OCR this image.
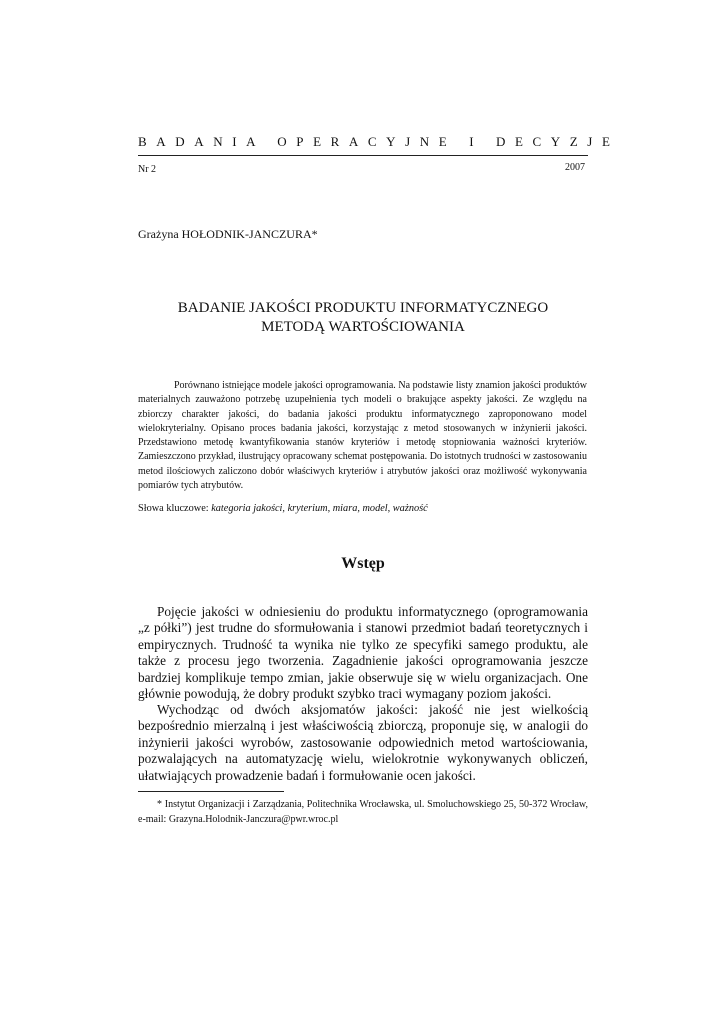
BADANIA OPERACYJNE I DECYZJE
Nr 2	2007
Grażyna HOŁODNIK-JANCZURA*
BADANIE JAKOŚCI PRODUKTU INFORMATYCZNEGO
METODĄ WARTOŚCIOWANIA

Porównano istniejące modele jakości oprogramowania. Na podstawie listy znamion jakości produktów materialnych zauważono potrzebę uzupełnienia tych modeli o brakujące aspekty jakości. Ze względu na zbiorczy charakter jakości, do badania jakości produktu informatycznego zaproponowano model wielokryterialny. Opisano proces badania jakości, korzystając z metod stosowanych w inżynierii jakości. Przedstawiono metodę kwantyfikowania stanów kryteriów i metodę stopniowania ważności kryteriów. Zamieszczono przykład, ilustrujący opracowany schemat postępowania. Do istotnych trudności w zastosowaniu metod ilościowych zaliczono dobór właściwych kryteriów i atrybutów jakości oraz możliwość wykonywania pomiarów tych atrybutów.

Słowa kluczowe: kategoria jakości, kryterium, miara, model, ważność
Wstęp

Pojęcie jakości w odniesieniu do produktu informatycznego (oprogramowania „z półki”) jest trudne do sformułowania i stanowi przedmiot badań teoretycznych i empirycznych. Trudność ta wynika nie tylko ze specyfiki samego produktu, ale także z procesu jego tworzenia. Zagadnienie jakości oprogramowania jeszcze bardziej komplikuje tempo zmian, jakie obserwuje się w wielu organizacjach. One głównie powodują, że dobry produkt szybko traci wymagany poziom jakości.

Wychodząc od dwóch aksjomatów jakości: jakość nie jest wielkością bezpośrednio mierzalną i jest właściwością zbiorczą, proponuje się, w analogii do inżynierii jakości wyrobów, zastosowanie odpowiednich metod wartościowania, pozwalających na automatyzację wielu, wielokrotnie wykonywanych obliczeń, ułatwiających prowadzenie badań i formułowanie ocen jakości.

* Instytut Organizacji i Zarządzania, Politechnika Wrocławska, ul. Smoluchowskiego 25, 50-372 Wrocław, e-mail: Grazyna.Holodnik-Janczura@pwr.wroc.pl
